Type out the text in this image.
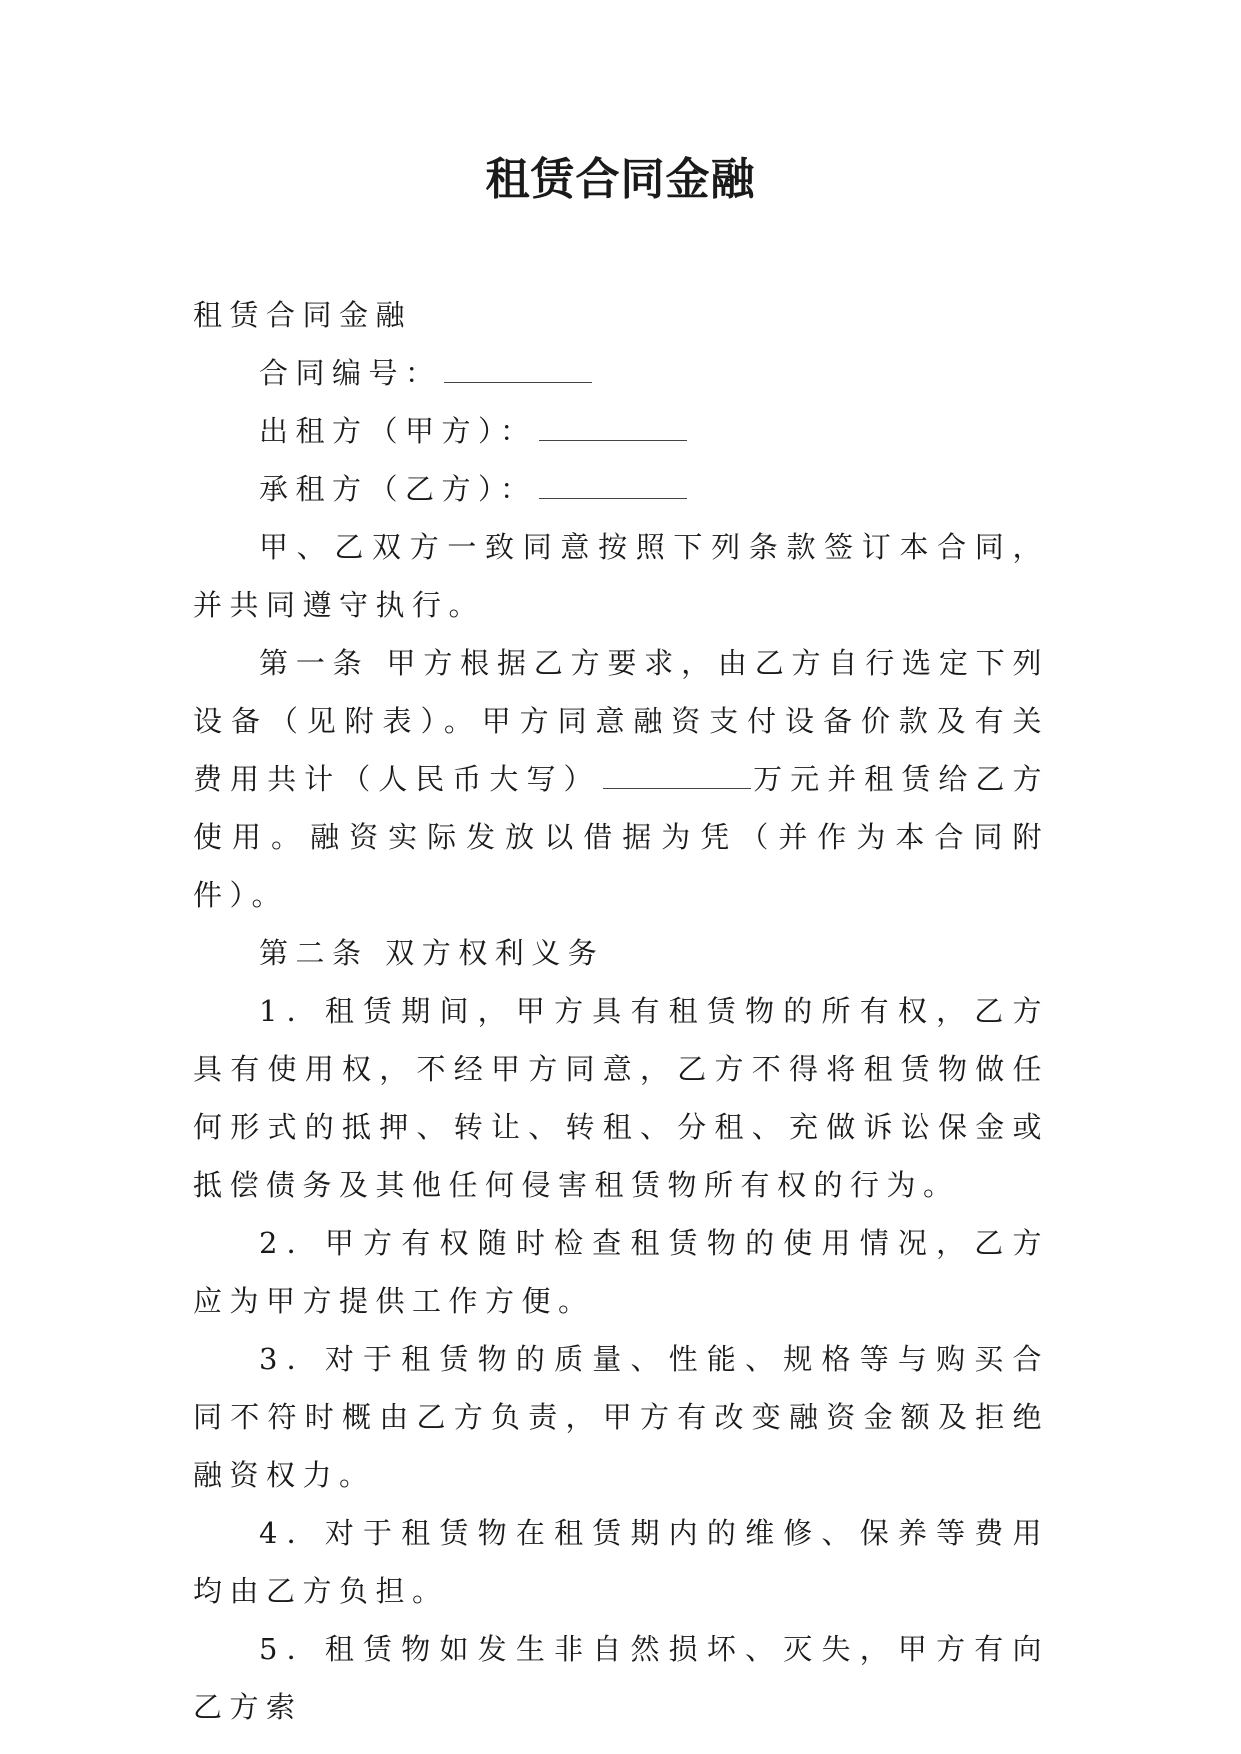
租赁合同金融

租赁合同金融

合同编号：

出租方（甲方）：

承租方（乙方）：

甲、乙双方一致同意按照下列条款签订本合同，并共同遵守执行。

第一条 甲方根据乙方要求，由乙方自行选定下列设备（见附表）。甲方同意融资支付设备价款及有关费用共计（人民币大写）	万元并租赁给乙方使用。融资实际发放以借据为凭（并作为本合同附件）。

第二条 双方权利义务

1．租赁期间，甲方具有租赁物的所有权，乙方具有使用权，不经甲方同意，乙方不得将租赁物做任何形式的抵押、转让、转租、分租、充做诉讼保金或抵偿债务及其他任何侵害租赁物所有权的行为。

2．甲方有权随时检查租赁物的使用情况，乙方应为甲方提供工作方便。

3．对于租赁物的质量、性能、规格等与购买合同不符时概由乙方负责，甲方有改变融资金额及拒绝融资权力。

4．对于租赁物在租赁期内的维修、保养等费用均由乙方负担。

5．租赁物如发生非自然损坏、灭失，甲方有向乙方索
